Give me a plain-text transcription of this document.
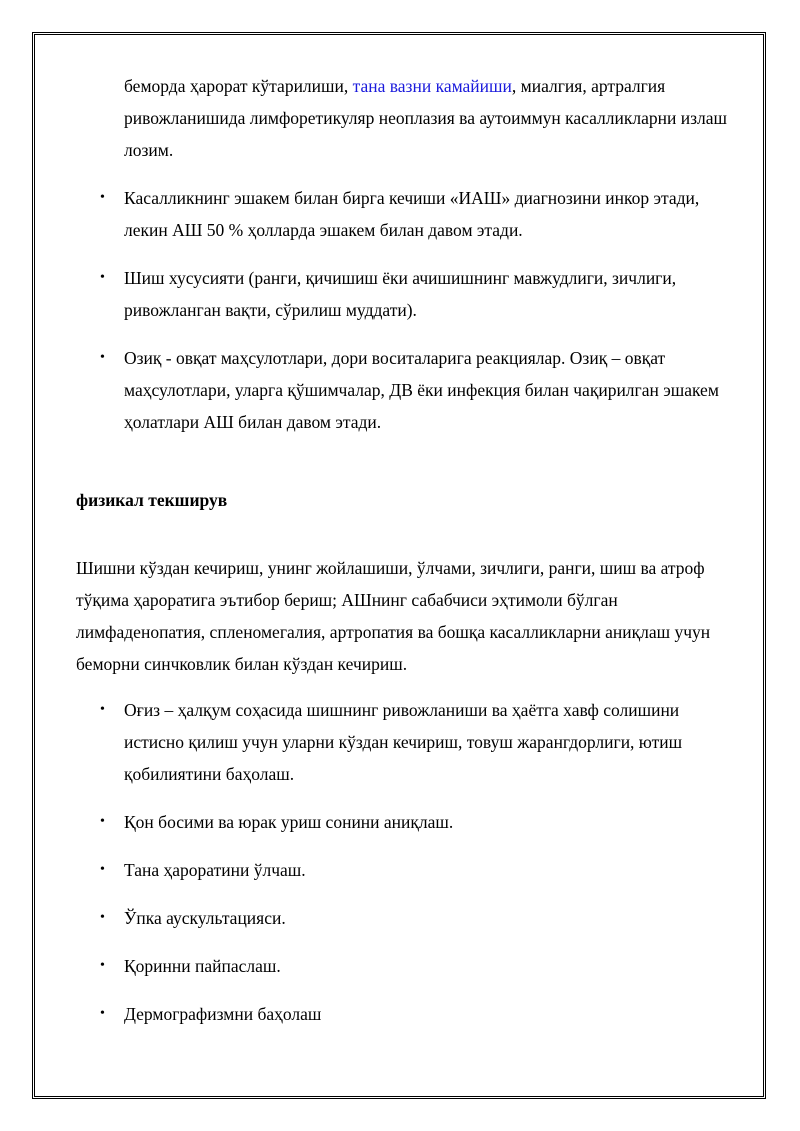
беморда ҳарорат кўтарилиши, тана вазни камайиши, миалгия, артралгия ривожланишида лимфоретикуляр неоплазия ва аутоиммун касалликларни излаш лозим.

• Касалликнинг эшакем билан бирга кечиши «ИАШ» диагнозини инкор этади, лекин АШ 50 % ҳолларда эшакем билан давом этади.
• Шиш хусусияти (ранги, қичишиш ёки ачишишнинг мавжудлиги, зичлиги, ривожланган вақти, сўрилиш муддати).
• Озиқ - овқат маҳсулотлари, дори воситаларига реакциялар. Озиқ – овқат маҳсулотлари, уларга қўшимчалар, ДВ ёки инфекция билан чақирилган эшакем ҳолатлари АШ билан давом этади.
физикал текширув

Шишни кўздан кечириш, унинг жойлашиши, ўлчами, зичлиги, ранги, шиш ва атроф тўқима ҳароратига эътибор бериш; АШнинг сабабчиси эҳтимоли бўлган лимфаденопатия, спленомегалия, артропатия ва бошқа касалликларни аниқлаш учун беморни синчковлик билан кўздан кечириш.

• Оғиз – ҳалқум соҳасида шишнинг ривожланиши ва ҳаётга хавф солишини истисно қилиш учун уларни кўздан кечириш, товуш жарангдорлиги, ютиш қобилиятини баҳолаш.
• Қон босими ва юрак уриш сонини аниқлаш.
• Тана ҳароратини ўлчаш.
• Ўпка аускультацияси.
• Қоринни пайпаслаш.
• Дермографизмни баҳолаш
